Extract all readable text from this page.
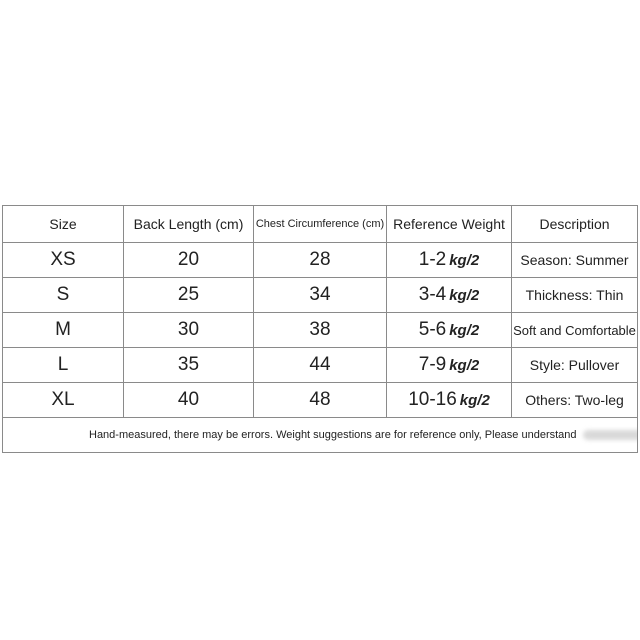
Size	Back Length (cm)	Chest Circumference (cm)	Reference Weight	Description
XS	20	28	1-2 kg/2	Season: Summer
S	25	34	3-4 kg/2	Thickness: Thin
M	30	38	5-6 kg/2	Soft and Comfortable
L	35	44	7-9 kg/2	Style: Pullover
XL	40	48	10-16 kg/2	Others: Two-leg
Hand-measured, there may be errors. Weight suggestions are for reference only, Please understand				
